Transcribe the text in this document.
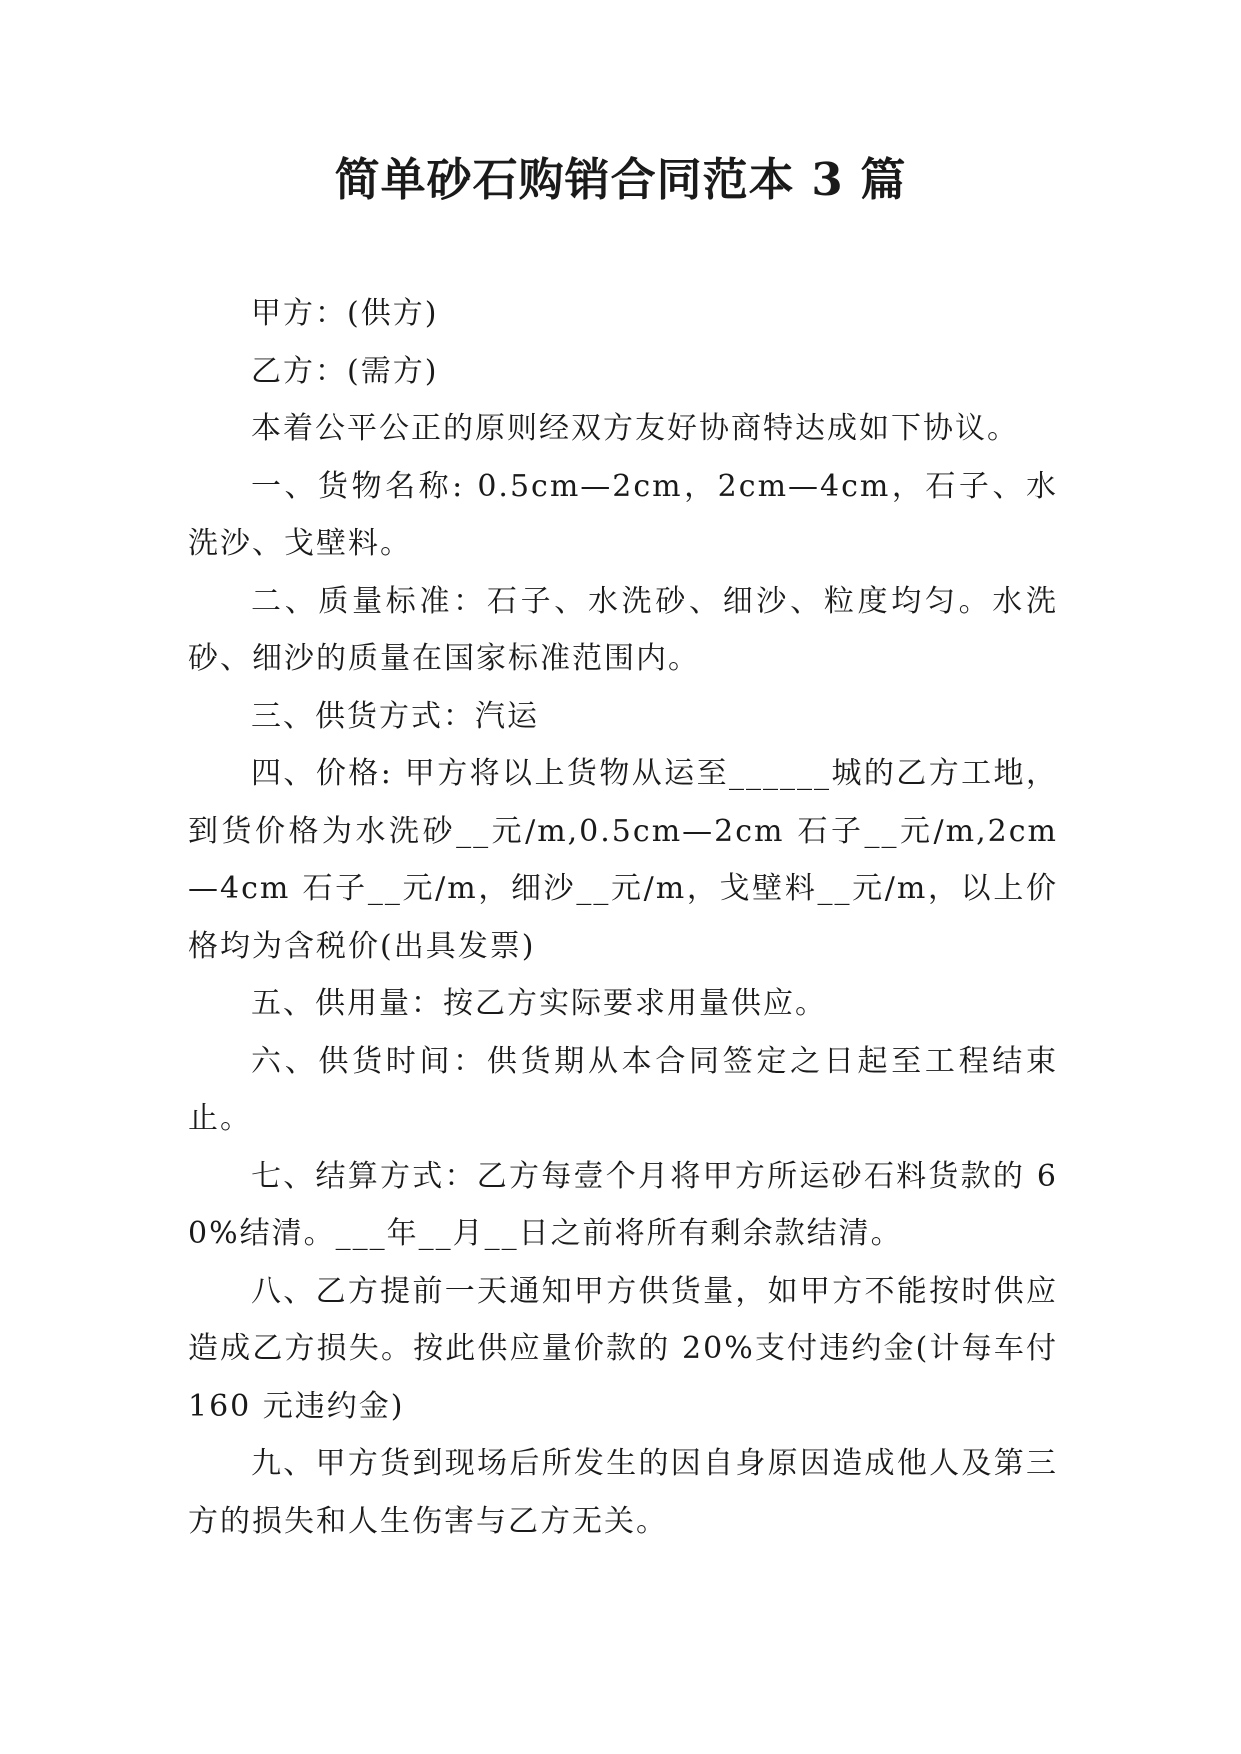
简单砂石购销合同范本 3 篇

甲方：(供方)

乙方：(需方)

本着公平公正的原则经双方友好协商特达成如下协议。

一、货物名称: 0.5cm—2cm，2cm—4cm，石子、水洗沙、戈壁料。

二、质量标准：石子、水洗砂、细沙、粒度均匀。水洗砂、细沙的质量在国家标准范围内。

三、供货方式：汽运

四、价格: 甲方将以上货物从运至______城的乙方工地，到货价格为水洗砂__元/m,0.5cm—2cm 石子__元/m,2cm—4cm 石子__元/m，细沙__元/m，戈壁料__元/m，以上价格均为含税价(出具发票)

五、供用量：按乙方实际要求用量供应。

六、供货时间：供货期从本合同签定之日起至工程结束止。

七、结算方式：乙方每壹个月将甲方所运砂石料货款的 60%结清。___年__月__日之前将所有剩余款结清。

八、乙方提前一天通知甲方供货量，如甲方不能按时供应造成乙方损失。按此供应量价款的 20%支付违约金(计每车付 160 元违约金)

九、甲方货到现场后所发生的因自身原因造成他人及第三方的损失和人生伤害与乙方无关。
